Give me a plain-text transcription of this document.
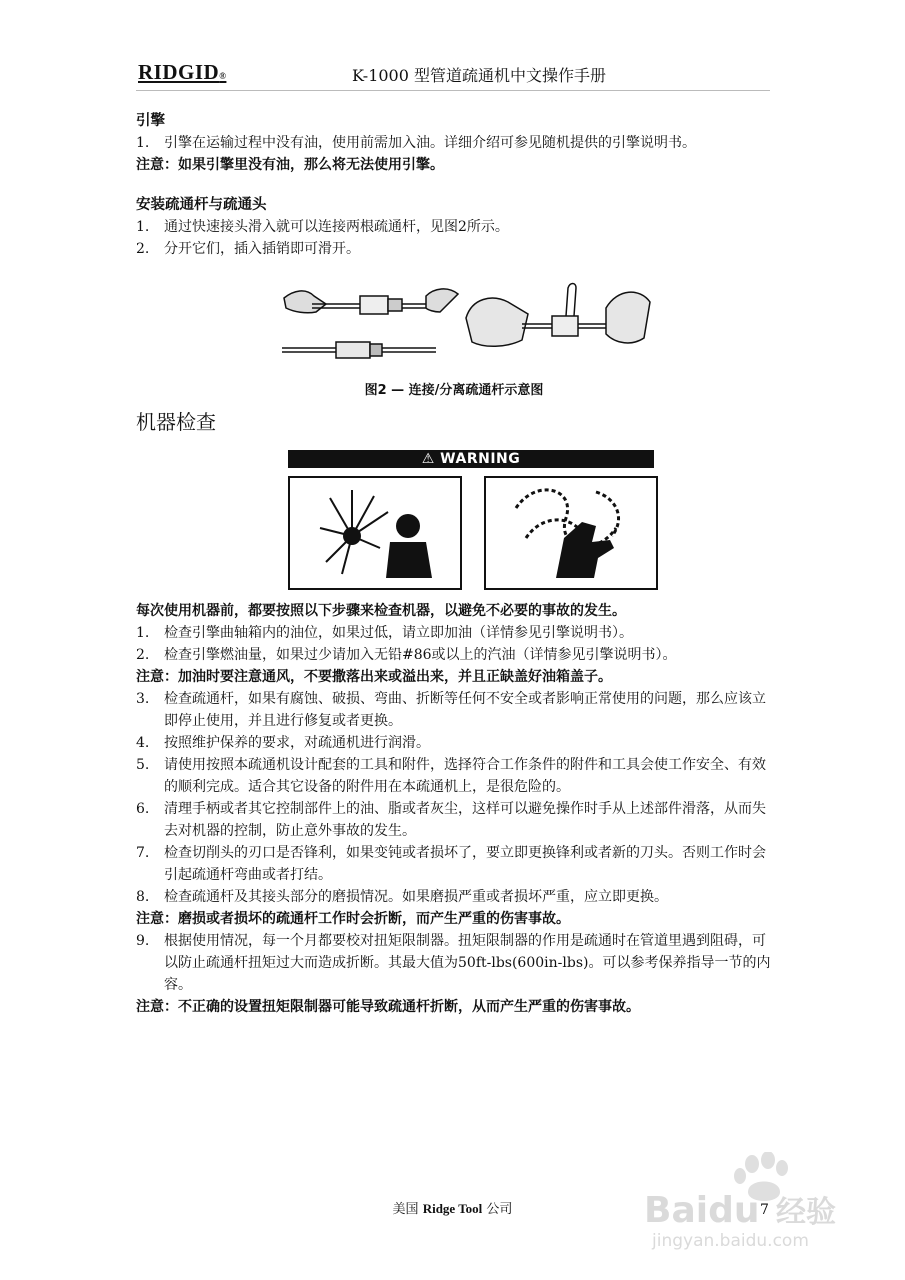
RIDGID®	K-1000 型管道疏通机中文操作手册

引擎

1. 引擎在运输过程中没有油，使用前需加入油。详细介绍可参见随机提供的引擎说明书。
注意：如果引擎里没有油，那么将无法使用引擎。

安装疏通杆与疏通头

1. 通过快速接头滑入就可以连接两根疏通杆，见图2所示。
2. 分开它们，插入插销即可滑开。
图2 — 连接/分离疏通杆示意图

机器检查

⚠ WARNING
每次使用机器前，都要按照以下步骤来检查机器，以避免不必要的事故的发生。
1. 检查引擎曲轴箱内的油位，如果过低，请立即加油（详情参见引擎说明书）。
2. 检查引擎燃油量，如果过少请加入无铅#86或以上的汽油（详情参见引擎说明书）。
注意：加油时要注意通风，不要撒落出来或溢出来，并且正缺盖好油箱盖子。
3. 检查疏通杆，如果有腐蚀、破损、弯曲、折断等任何不安全或者影响正常使用的问题，那么应该立即停止使用，并且进行修复或者更换。
4. 按照维护保养的要求，对疏通机进行润滑。
5. 请使用按照本疏通机设计配套的工具和附件，选择符合工作条件的附件和工具会使工作安全、有效的顺利完成。适合其它设备的附件用在本疏通机上，是很危险的。
6. 清理手柄或者其它控制部件上的油、脂或者灰尘，这样可以避免操作时手从上述部件滑落，从而失去对机器的控制，防止意外事故的发生。
7. 检查切削头的刃口是否锋利，如果变钝或者损坏了，要立即更换锋利或者新的刀头。否则工作时会引起疏通杆弯曲或者打结。
8. 检查疏通杆及其接头部分的磨损情况。如果磨损严重或者损坏严重，应立即更换。
注意：磨损或者损坏的疏通杆工作时会折断，而产生严重的伤害事故。
9. 根据使用情况，每一个月都要校对扭矩限制器。扭矩限制器的作用是疏通时在管道里遇到阻碍，可以防止疏通杆扭矩过大而造成折断。其最大值为50ft-lbs(600in-lbs)。可以参考保养指导一节的内容。
注意：不正确的设置扭矩限制器可能导致疏通杆折断，从而产生严重的伤害事故。
Baidu 经验
jingyan.baidu.com
美国 Ridge Tool 公司	7
